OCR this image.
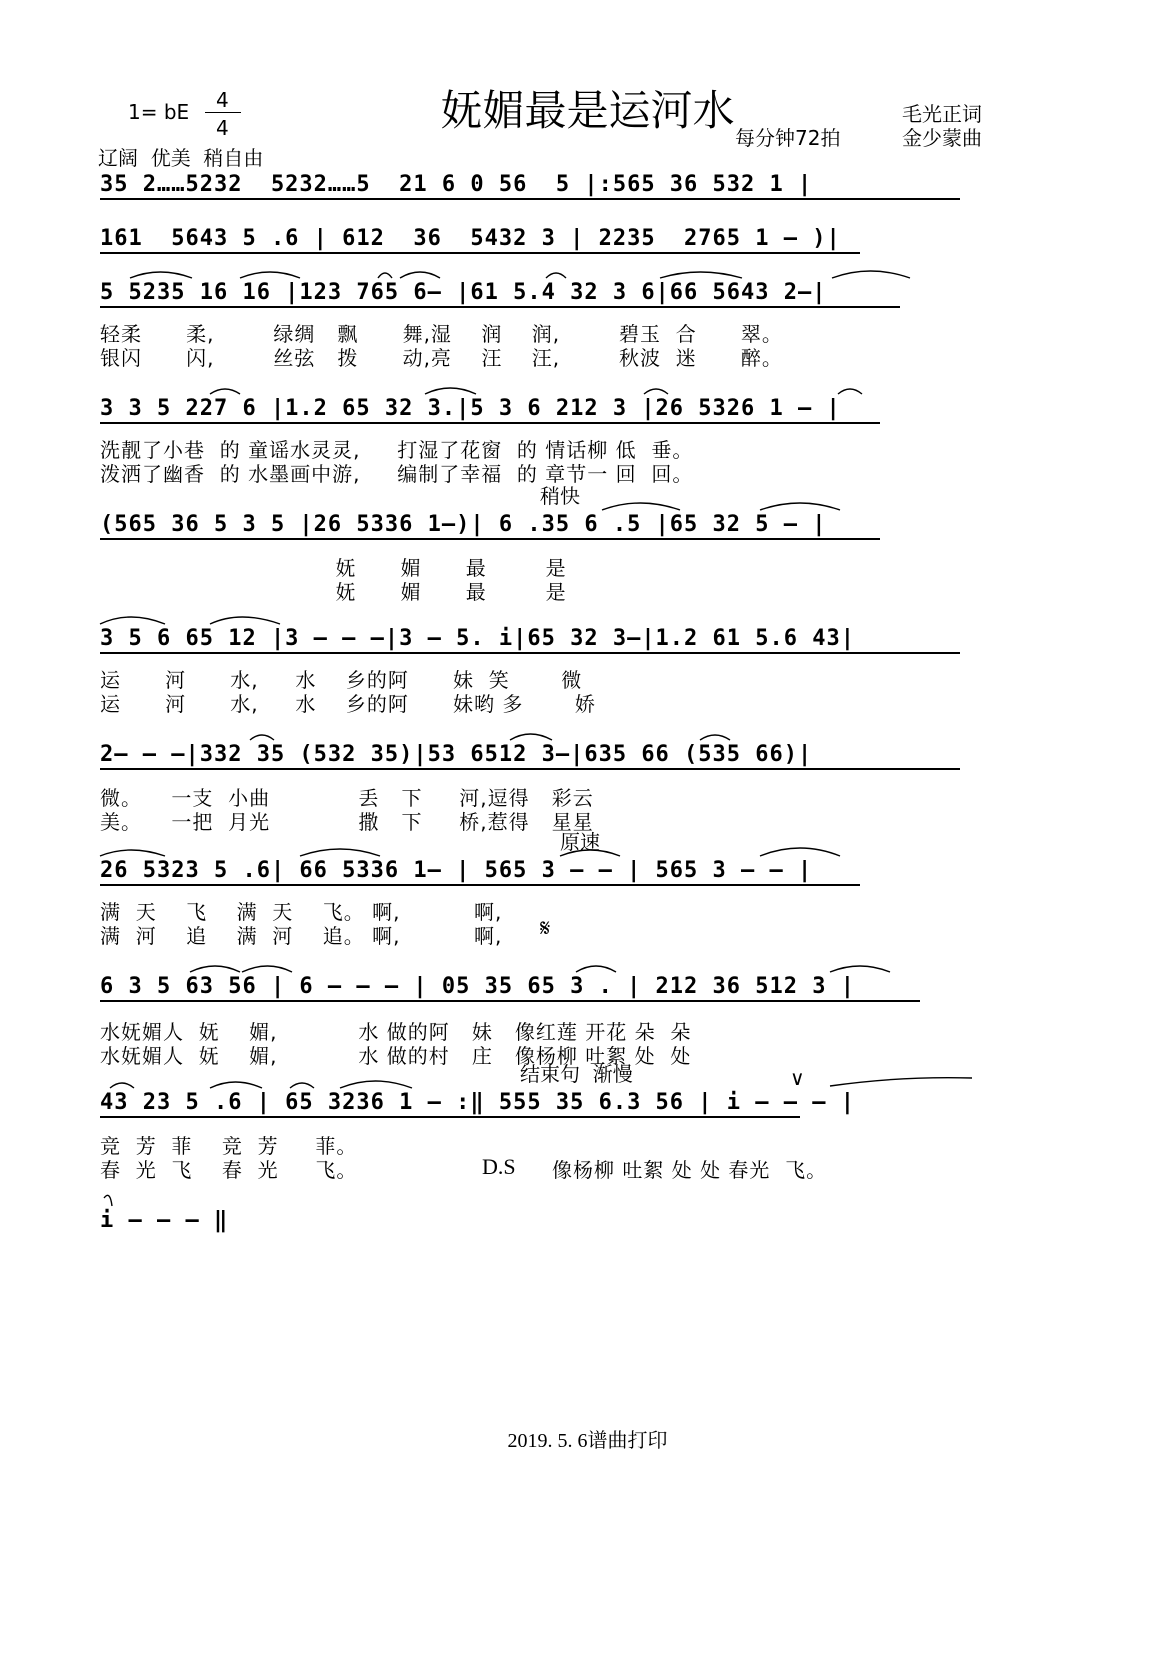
妩媚最是运河水
1= bE 4
4
辽阔  优美  稍自由
每分钟72拍
毛光正词
金少蒙曲
35 2……5232  5232……5  21 6 0 56  5 |:565 36 532 1 |
161  5643 5 .6 | 612  36  5432 3 | 2235  2765 1 — )|
5 5235 16 16 |123 765 6— |61 5.4 32 3 6|66 5643 2—|
轻柔      柔,        绿绸   飘      舞,湿    润    润,        碧玉  合      翠。
银闪      闪,        丝弦   拨      动,亮    汪    汪,        秋波  迷      醉。
3 3 5 227 6 |1.2 65 32 3.|5 3 6 212 3 |26 5326 1 — |
洗靓了小巷  的 童谣水灵灵,     打湿了花窗  的 情话柳 低  垂。
泼洒了幽香  的 水墨画中游,     编制了幸福  的 章节一 回  回。
稍快
(565 36 5 3 5 |26 5336 1—)| 6 .35 6 .5 |65 32 5 — |
妩      媚      最        是
妩      媚      最        是
3 5 6 65 12 |3 — — —|3 — 5. i|65 32 3—|1.2 61 5.6 43|
运      河      水,     水    乡的阿      妹  笑       微
运      河      水,     水    乡的阿      妹哟 多       娇
2— — —|332 35 (532 35)|53 6512 3—|635 66 (535 66)|
微。    一支  小曲            丢   下     河,逗得   彩云
美。    一把  月光            撒   下     桥,惹得   星星
原速
26 5323 5 .6| 66 5336 1— | 565 3 — — | 565 3 — — |
满  天    飞    满  天    飞。 啊,          啊,
满  河    追    满  河    追。 啊,          啊,	𝄋
6 3 5 63 56 | 6 — — — | 05 35 65 3 . | 212 36 512 3 |
水妩媚人  妩    媚,           水 做的阿   妹   像红莲 开花 朵  朵
水妩媚人  妩    媚,           水 做的村   庄   像杨柳 吐絮 处  处
结束句  渐慢	∨
43 23 5 .6 | 65 3236 1 — :‖ 555 35 6.3 56 | i — — — |
竞  芳  菲    竞  芳     菲。
春  光  飞    春  光     飞。	D.S 像杨柳 吐絮 处 处 春光  飞。
i — — — ‖
2019. 5. 6谱曲打印
